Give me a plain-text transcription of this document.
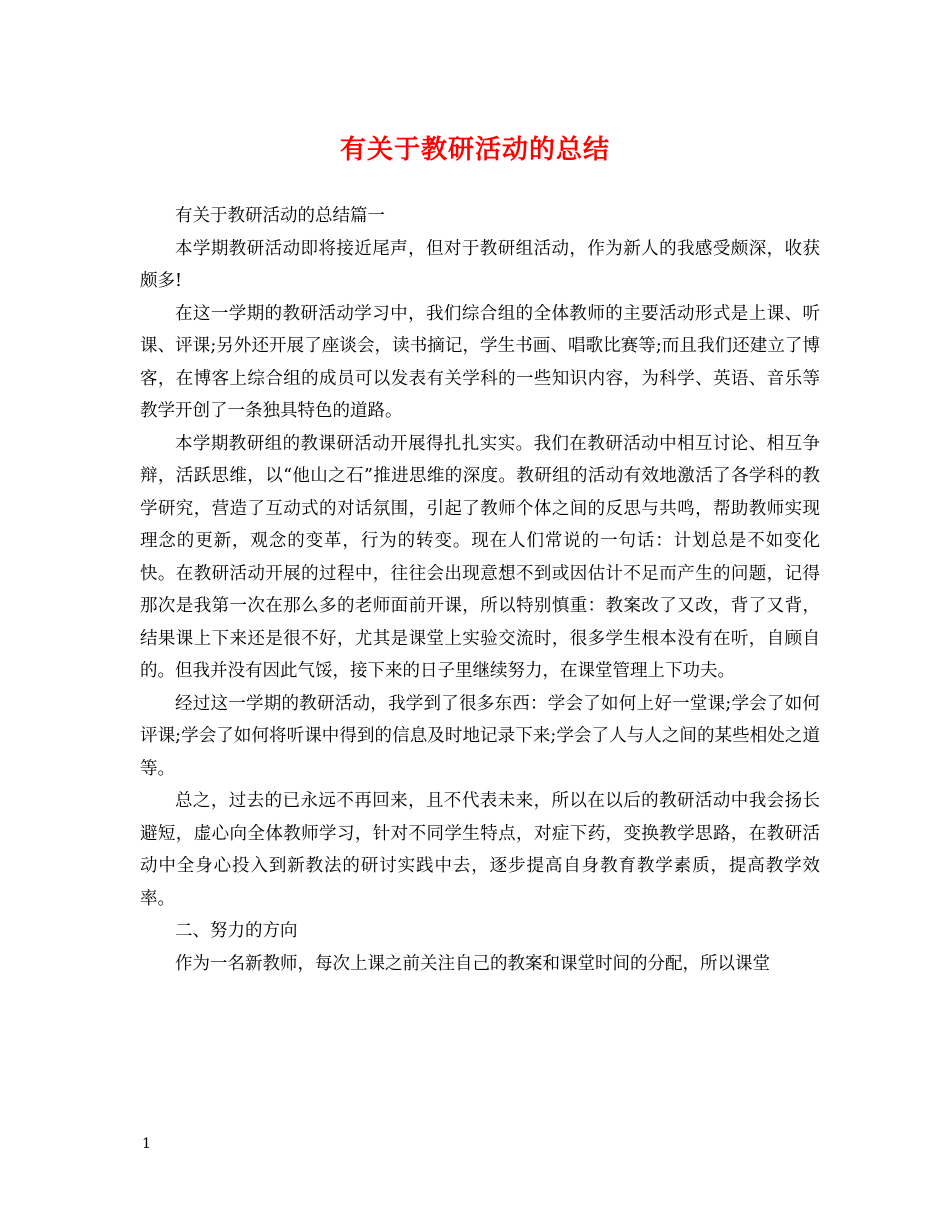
有关于教研活动的总结

有关于教研活动的总结篇一

本学期教研活动即将接近尾声，但对于教研组活动，作为新人的我感受颇深，收获颇多!

在这一学期的教研活动学习中，我们综合组的全体教师的主要活动形式是上课、听课、评课;另外还开展了座谈会，读书摘记，学生书画、唱歌比赛等;而且我们还建立了博客，在博客上综合组的成员可以发表有关学科的一些知识内容，为科学、英语、音乐等教学开创了一条独具特色的道路。

本学期教研组的教课研活动开展得扎扎实实。我们在教研活动中相互讨论、相互争辩，活跃思维，以“他山之石”推进思维的深度。教研组的活动有效地激活了各学科的教学研究，营造了互动式的对话氛围，引起了教师个体之间的反思与共鸣，帮助教师实现理念的更新，观念的变革，行为的转变。现在人们常说的一句话：计划总是不如变化快。在教研活动开展的过程中，往往会出现意想不到或因估计不足而产生的问题，记得那次是我第一次在那么多的老师面前开课，所以特别慎重：教案改了又改，背了又背，结果课上下来还是很不好，尤其是课堂上实验交流时，很多学生根本没有在听，自顾自的。但我并没有因此气馁，接下来的日子里继续努力，在课堂管理上下功夫。

经过这一学期的教研活动，我学到了很多东西：学会了如何上好一堂课;学会了如何评课;学会了如何将听课中得到的信息及时地记录下来;学会了人与人之间的某些相处之道等。

总之，过去的已永远不再回来，且不代表未来，所以在以后的教研活动中我会扬长避短，虚心向全体教师学习，针对不同学生特点，对症下药，变换教学思路，在教研活动中全身心投入到新教法的研讨实践中去，逐步提高自身教育教学素质，提高教学效率。

二、努力的方向

作为一名新教师，每次上课之前关注自己的教案和课堂时间的分配，所以课堂

1
